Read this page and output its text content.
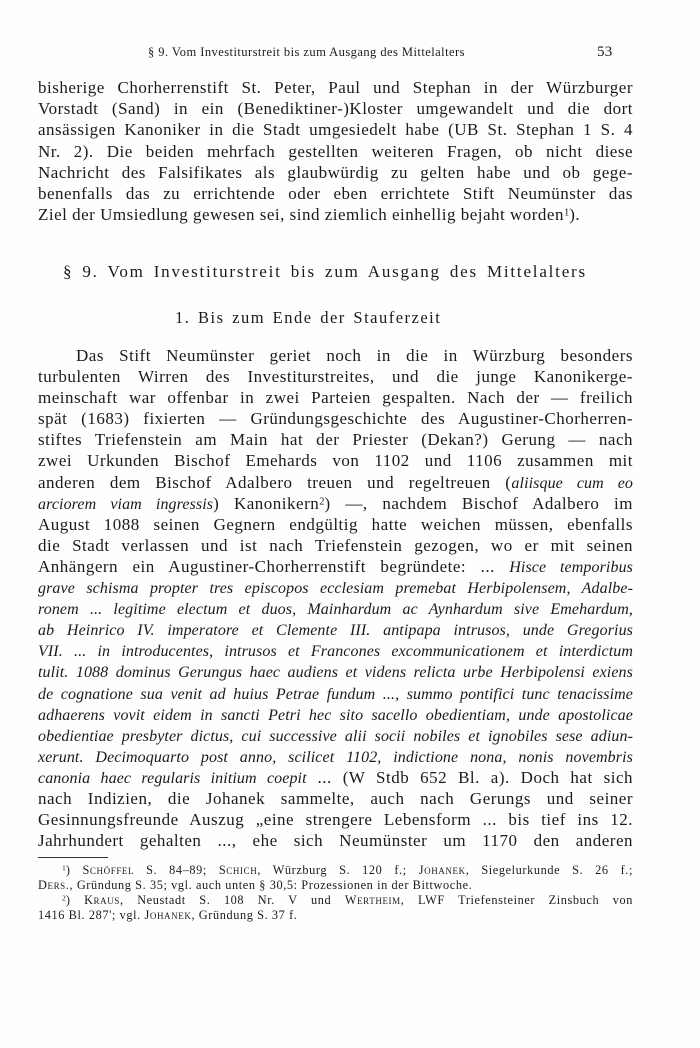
§ 9. Vom Investiturstreit bis zum Ausgang des Mittelalters	53
bisherige Chorherrenstift St. Peter, Paul und Stephan in der Würzburger
Vorstadt (Sand) in ein (Benediktiner-)Kloster umgewandelt und die dort
ansässigen Kanoniker in die Stadt umgesiedelt habe (UB St. Stephan 1 S. 4
Nr. 2). Die beiden mehrfach gestellten weiteren Fragen, ob nicht diese
Nachricht des Falsifikates als glaubwürdig zu gelten habe und ob gege-
benenfalls das zu errichtende oder eben errichtete Stift Neumünster das
Ziel der Umsiedlung gewesen sei, sind ziemlich einhellig bejaht worden$^1$).
§ 9. Vom Investiturstreit bis zum Ausgang des Mittelalters
1. Bis zum Ende der Stauferzeit
Das Stift Neumünster geriet noch in die in Würzburg besonders
turbulenten Wirren des Investiturstreites, und die junge Kanonikerge-
meinschaft war offenbar in zwei Parteien gespalten. Nach der — freilich
spät (1683) fixierten — Gründungsgeschichte des Augustiner-Chorherren-
stiftes Triefenstein am Main hat der Priester (Dekan?) Gerung — nach
zwei Urkunden Bischof Emehards von 1102 und 1106 zusammen mit
anderen dem Bischof Adalbero treuen und regeltreuen (aliisque cum eo
arciorem viam ingressis) Kanonikern$^2$) —, nachdem Bischof Adalbero im
August 1088 seinen Gegnern endgültig hatte weichen müssen, ebenfalls
die Stadt verlassen und ist nach Triefenstein gezogen, wo er mit seinen
Anhängern ein Augustiner-Chorherrenstift begründete: ... Hisce temporibus
grave schisma propter tres episcopos ecclesiam premebat Herbipolensem, Adalbe-
ronem ... legitime electum et duos, Mainhardum ac Aynhardum sive Emehardum,
ab Heinrico IV. imperatore et Clemente III. antipapa intrusos, unde Gregorius
VII. ... in introducentes, intrusos et Francones excommunicationem et interdictum
tulit. 1088 dominus Gerungus haec audiens et videns relicta urbe Herbipolensi exiens
de cognatione sua venit ad huius Petrae fundum ..., summo pontifici tunc tenacissime
adhaerens vovit eidem in sancti Petri hec sito sacello obedientiam, unde apostolicae
obedientiae presbyter dictus, cui successive alii socii nobiles et ignobiles sese adiun-
xerunt. Decimoquarto post anno, scilicet 1102, indictione nona, nonis novembris
canonia haec regularis initium coepit ... (W Stdb 652 Bl. a). Doch hat sich
nach Indizien, die Johanek sammelte, auch nach Gerungs und seiner
Gesinnungsfreunde Auszug „eine strengere Lebensform ... bis tief ins 12.
Jahrhundert gehalten ..., ehe sich Neumünster um 1170 den anderen
$^1$) Schöffel S. 84–89; Schich, Würzburg S. 120 f.; Johanek, Siegelurkunde S. 26 f.;
Ders., Gründung S. 35; vgl. auch unten § 30,5: Prozessionen in der Bittwoche.
$^2$) Kraus, Neustadt S. 108 Nr. V und Wertheim, LWF Triefensteiner Zinsbuch von
1416 Bl. 287'; vgl. Johanek, Gründung S. 37 f.
